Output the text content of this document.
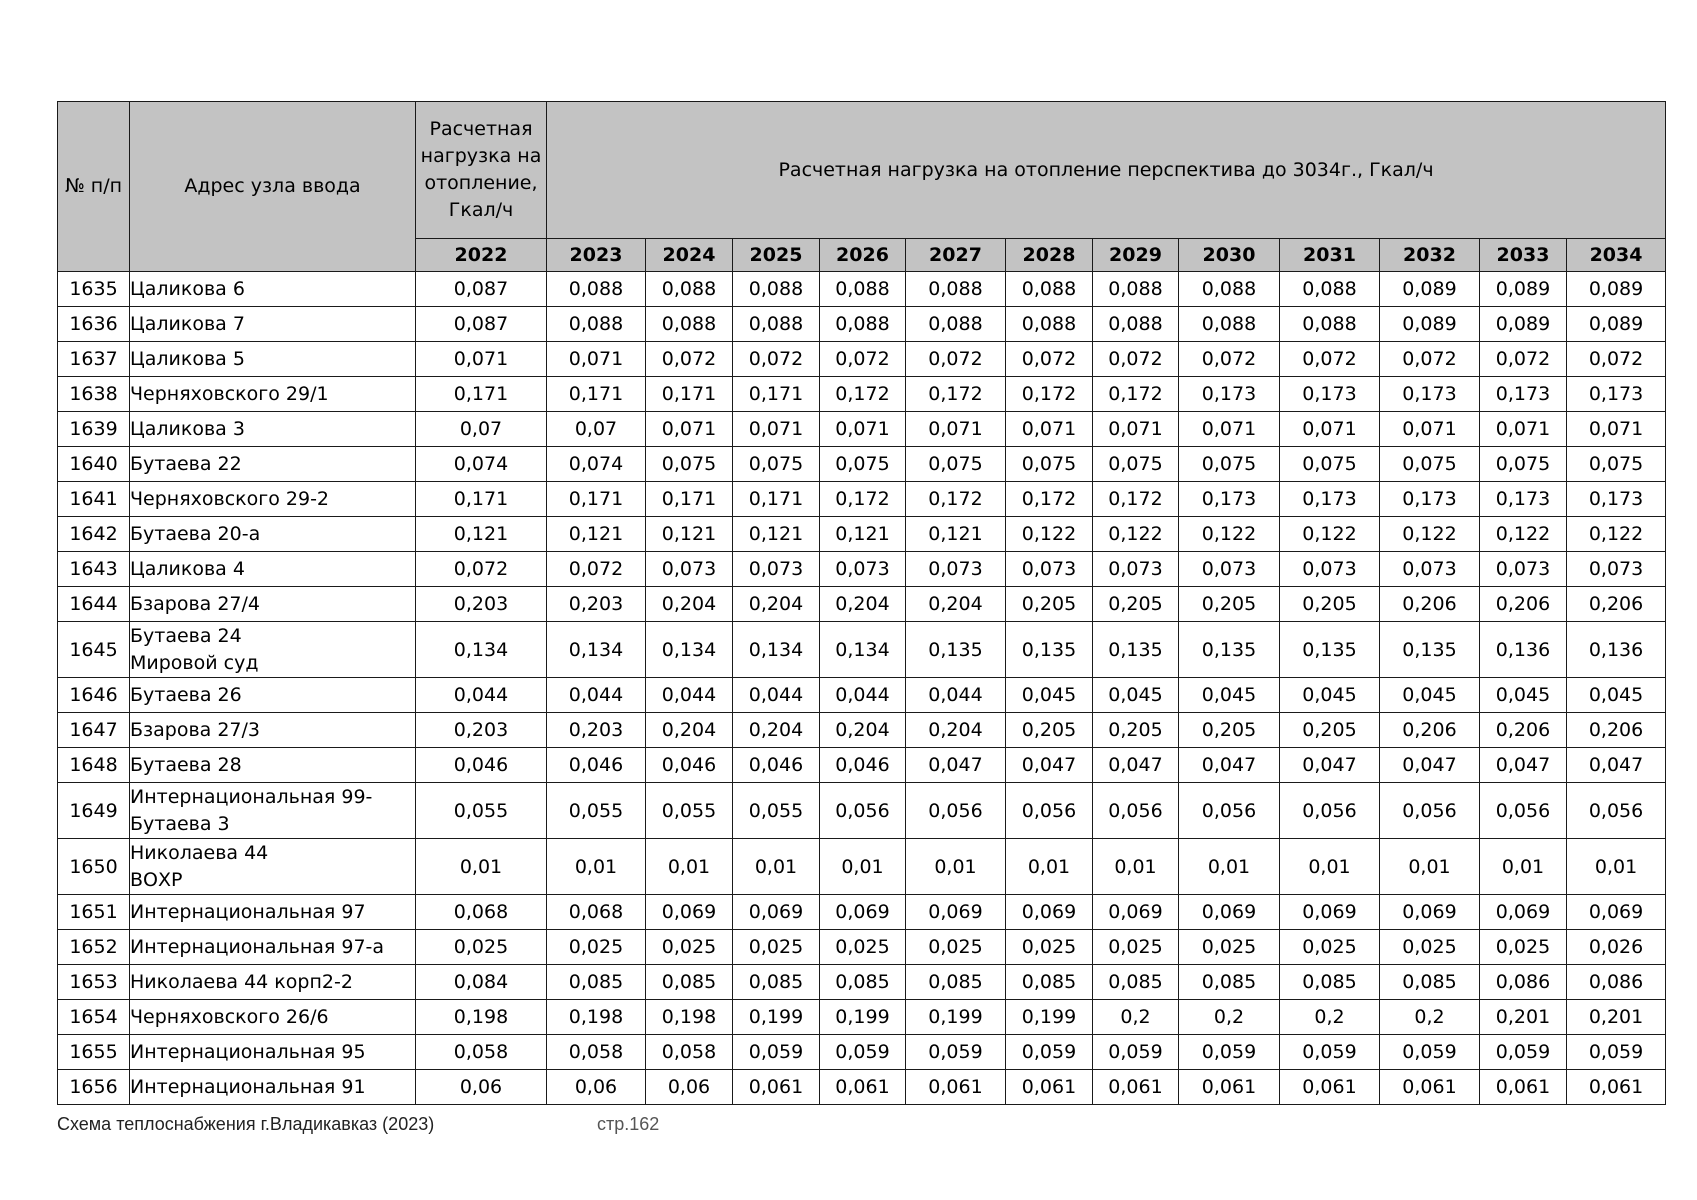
№ п/п	Адрес узла ввода	Расчетная нагрузка на отопление, Гкал/ч	Расчетная нагрузка на отопление перспектива до 3034г., Гкал/ч											
		2022	2023	2024	2025	2026	2027	2028	2029	2030	2031	2032	2033	2034
1635	Цаликова 6	0,087	0,088	0,088	0,088	0,088	0,088	0,088	0,088	0,088	0,088	0,089	0,089	0,089
1636	Цаликова 7	0,087	0,088	0,088	0,088	0,088	0,088	0,088	0,088	0,088	0,088	0,089	0,089	0,089
1637	Цаликова 5	0,071	0,071	0,072	0,072	0,072	0,072	0,072	0,072	0,072	0,072	0,072	0,072	0,072
1638	Черняховского 29/1	0,171	0,171	0,171	0,171	0,172	0,172	0,172	0,172	0,173	0,173	0,173	0,173	0,173
1639	Цаликова 3	0,07	0,07	0,071	0,071	0,071	0,071	0,071	0,071	0,071	0,071	0,071	0,071	0,071
1640	Бутаева 22	0,074	0,074	0,075	0,075	0,075	0,075	0,075	0,075	0,075	0,075	0,075	0,075	0,075
1641	Черняховского 29-2	0,171	0,171	0,171	0,171	0,172	0,172	0,172	0,172	0,173	0,173	0,173	0,173	0,173
1642	Бутаева 20-а	0,121	0,121	0,121	0,121	0,121	0,121	0,122	0,122	0,122	0,122	0,122	0,122	0,122
1643	Цаликова 4	0,072	0,072	0,073	0,073	0,073	0,073	0,073	0,073	0,073	0,073	0,073	0,073	0,073
1644	Бзарова 27/4	0,203	0,203	0,204	0,204	0,204	0,204	0,205	0,205	0,205	0,205	0,206	0,206	0,206
1645	Бутаева 24
Мировой суд	0,134	0,134	0,134	0,134	0,134	0,135	0,135	0,135	0,135	0,135	0,135	0,136	0,136
1646	Бутаева 26	0,044	0,044	0,044	0,044	0,044	0,044	0,045	0,045	0,045	0,045	0,045	0,045	0,045
1647	Бзарова 27/3	0,203	0,203	0,204	0,204	0,204	0,204	0,205	0,205	0,205	0,205	0,206	0,206	0,206
1648	Бутаева 28	0,046	0,046	0,046	0,046	0,046	0,047	0,047	0,047	0,047	0,047	0,047	0,047	0,047
1649	Интернациональная 99-
Бутаева 3	0,055	0,055	0,055	0,055	0,056	0,056	0,056	0,056	0,056	0,056	0,056	0,056	0,056
1650	Николаева 44
ВОХР	0,01	0,01	0,01	0,01	0,01	0,01	0,01	0,01	0,01	0,01	0,01	0,01	0,01
1651	Интернациональная 97	0,068	0,068	0,069	0,069	0,069	0,069	0,069	0,069	0,069	0,069	0,069	0,069	0,069
1652	Интернациональная 97-а	0,025	0,025	0,025	0,025	0,025	0,025	0,025	0,025	0,025	0,025	0,025	0,025	0,026
1653	Николаева 44 корп2-2	0,084	0,085	0,085	0,085	0,085	0,085	0,085	0,085	0,085	0,085	0,085	0,086	0,086
1654	Черняховского 26/6	0,198	0,198	0,198	0,199	0,199	0,199	0,199	0,2	0,2	0,2	0,2	0,201	0,201
1655	Интернациональная 95	0,058	0,058	0,058	0,059	0,059	0,059	0,059	0,059	0,059	0,059	0,059	0,059	0,059
1656	Интернациональная 91	0,06	0,06	0,06	0,061	0,061	0,061	0,061	0,061	0,061	0,061	0,061	0,061	0,061
Схема теплоснабжения г.Владикавказ (2023)	стр.162
